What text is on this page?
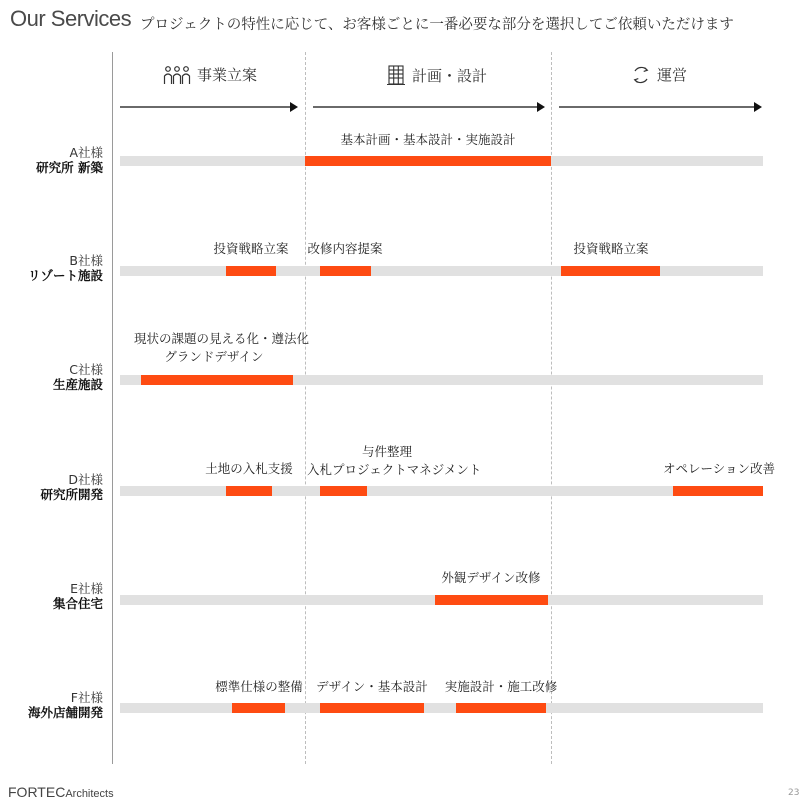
Our Services プロジェクトの特性に応じて、お客様ごとに一番必要な部分を選択してご依頼いただけます
事業立案	計画・設計	運営
A社様
研究所 新築
基本計画・基本設計・実施設計
B社様
リゾート施設
投資戦略立案	改修内容提案	投資戦略立案
C社様
生産施設
現状の課題の見える化・遵法化
グランドデザイン
D社様
研究所開発
土地の入札支援
与件整理
入札プロジェクトマネジメント	オペレーション改善
E社様
集合住宅
外観デザイン改修
F社様
海外店舗開発
標準仕様の整備	デザイン・基本設計	実施設計・施工改修
FORTECArchitects	23
